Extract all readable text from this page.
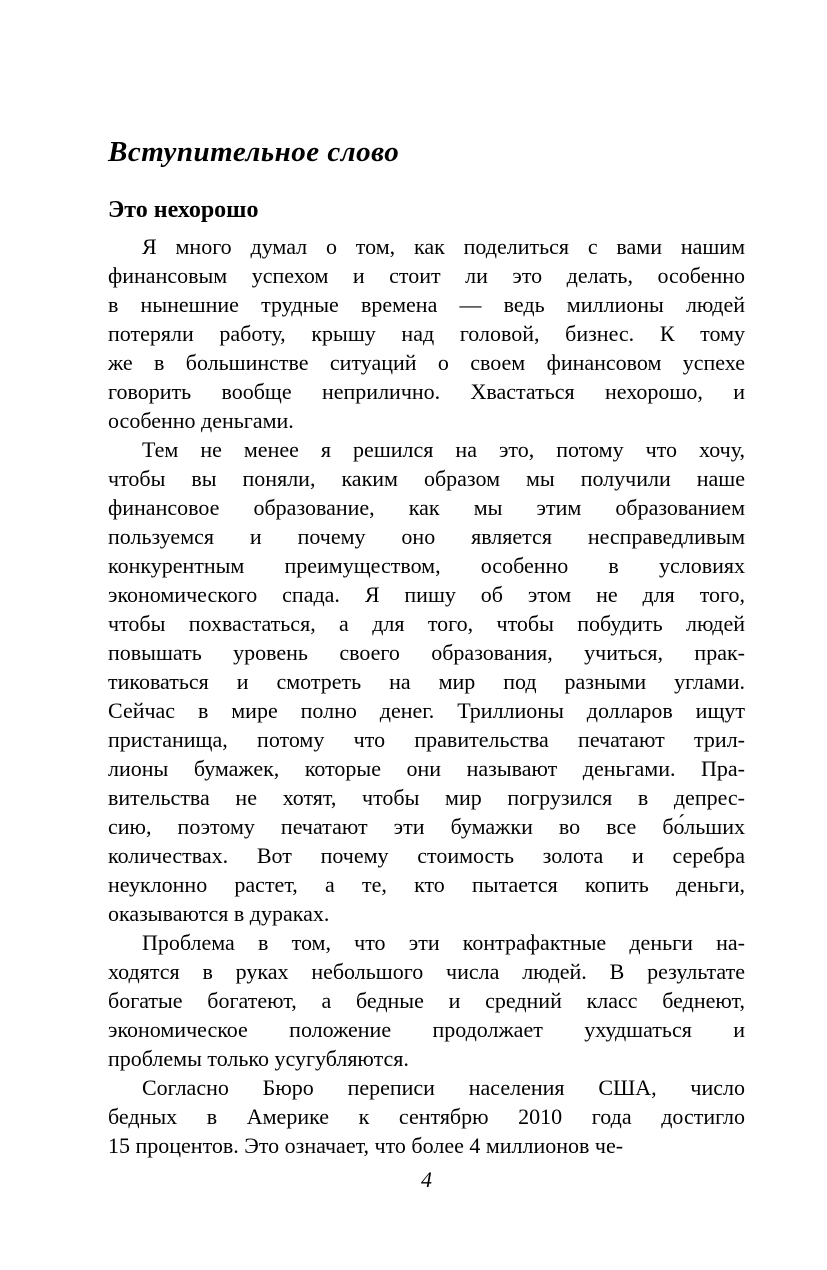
Вступительное слово
Это нехорошо
Я много думал о том, как поделиться с вами нашим
финансовым успехом и стоит ли это делать, особенно
в нынешние трудные времена — ведь миллионы людей
потеряли работу, крышу над головой, бизнес. К тому
же в большинстве ситуаций о своем финансовом успехе
говорить вообще неприлично. Хвастаться нехорошо, и
особенно деньгами.
Тем не менее я решился на это, потому что хочу,
чтобы вы поняли, каким образом мы получили наше
финансовое образование, как мы этим образованием
пользуемся и почему оно является несправедливым
конкурентным преимуществом, особенно в условиях
экономического спада. Я пишу об этом не для того,
чтобы похвастаться, а для того, чтобы побудить людей
повышать уровень своего образования, учиться, прак-
тиковаться и смотреть на мир под разными углами.
Сейчас в мире полно денег. Триллионы долларов ищут
пристанища, потому что правительства печатают трил-
лионы бумажек, которые они называют деньгами. Пра-
вительства не хотят, чтобы мир погрузился в депрес-
сию, поэтому печатают эти бумажки во все бо́льших
количествах. Вот почему стоимость золота и серебра
неуклонно растет, а те, кто пытается копить деньги,
оказываются в дураках.
Проблема в том, что эти контрафактные деньги на-
ходятся в руках небольшого числа людей. В результате
богатые богатеют, а бедные и средний класс беднеют,
экономическое положение продолжает ухудшаться и
проблемы только усугубляются.
Согласно Бюро переписи населения США, число
бедных в Америке к сентябрю 2010 года достигло
15 процентов. Это означает, что более 4 миллионов че-
4
